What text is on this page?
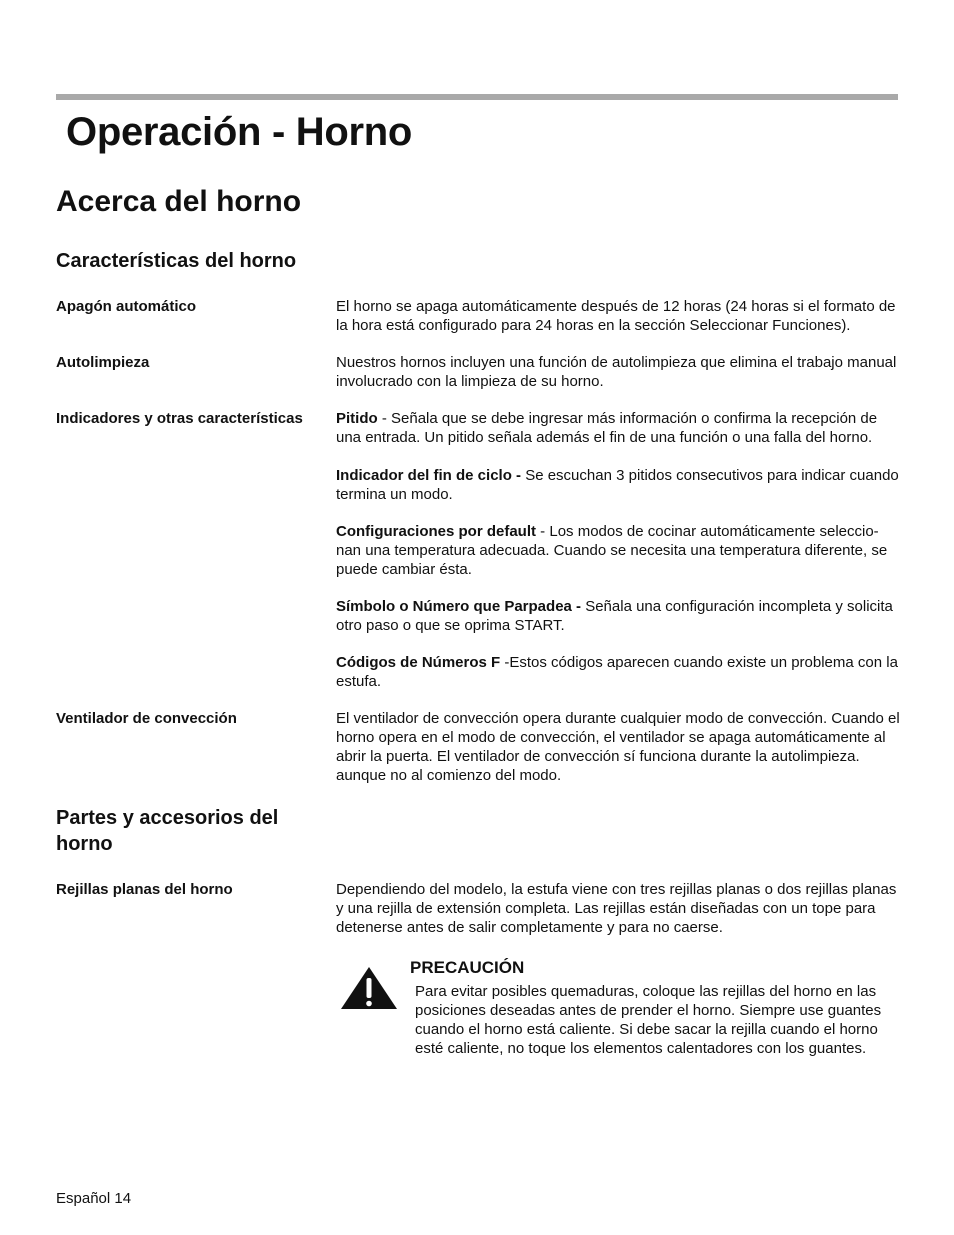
Operación - Horno
Acerca del horno
Características del horno
Apagón automático	El horno se apaga automáticamente después de 12 horas (24 horas si el formato de la hora está configurado para 24 horas en la sección Seleccionar Funciones).
Autolimpieza	Nuestros hornos incluyen una función de autolimpieza que elimina el trabajo manual involucrado con la limpieza de su horno.
Indicadores y otras características	Pitido - Señala que se debe ingresar más información o confirma la recepción de una entrada. Un pitido señala además el fin de una función o una falla del horno.
Indicador del fin de ciclo - Se escuchan 3 pitidos consecutivos para indicar cuando termina un modo.
Configuraciones por default - Los modos de cocinar automáticamente seleccio-nan una temperatura adecuada. Cuando se necesita una temperatura diferente, se puede cambiar ésta.
Símbolo o Número que Parpadea - Señala una configuración incompleta y solicita otro paso o que se oprima START.
Códigos de Números F -Estos códigos aparecen cuando existe un problema con la estufa.
Ventilador de convección	El ventilador de convección opera durante cualquier modo de convección. Cuando el horno opera en el modo de convección, el ventilador se apaga automáticamente al abrir la puerta. El ventilador de convección sí funciona durante la autolimpieza. aunque no al comienzo del modo.
Partes y accesorios del horno
Rejillas planas del horno	Dependiendo del modelo, la estufa viene con tres rejillas planas o dos rejillas planas y una rejilla de extensión completa. Las rejillas están diseñadas con un tope para detenerse antes de salir completamente y para no caerse.
PRECAUCIÓN
Para evitar posibles quemaduras, coloque las rejillas del horno en las posiciones deseadas antes de prender el horno. Siempre use guantes cuando el horno está caliente. Si debe sacar la rejilla cuando el horno esté caliente, no toque los elementos calentadores con los guantes.
Español 14
